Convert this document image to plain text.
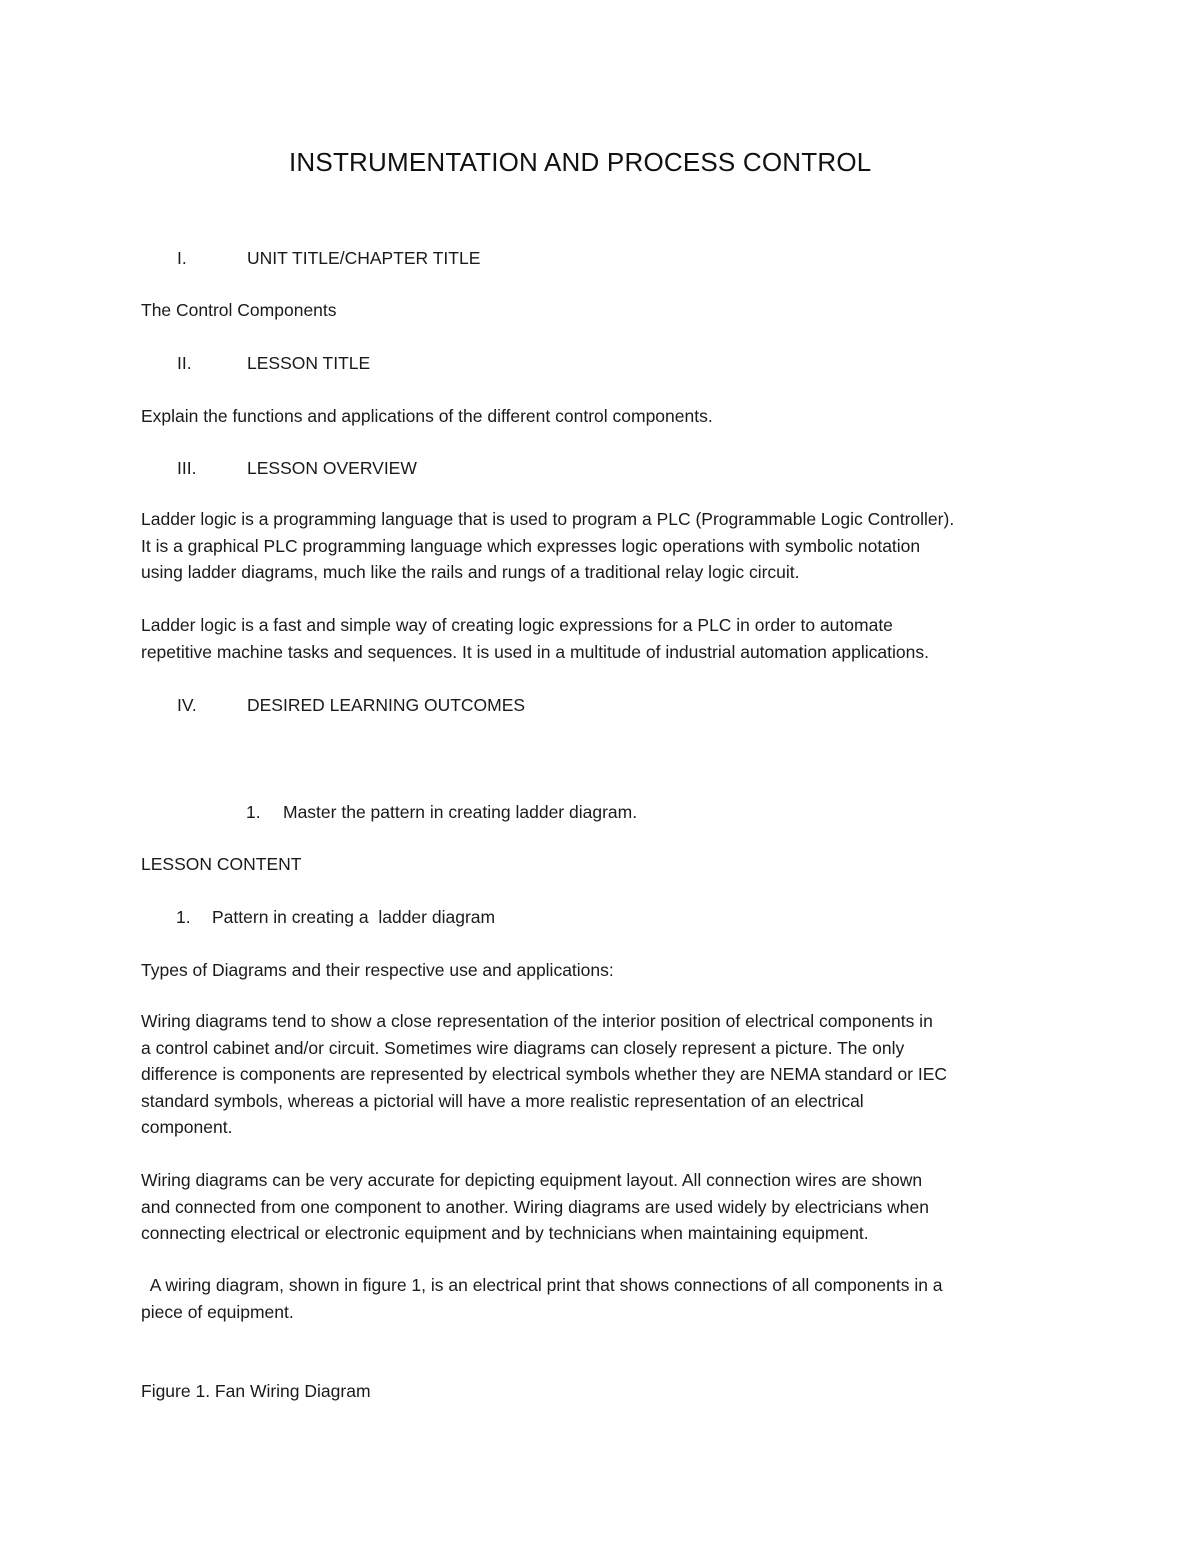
INSTRUMENTATION AND PROCESS CONTROL
I.	UNIT TITLE/CHAPTER TITLE
The Control Components
II.	LESSON TITLE
Explain the functions and applications of the different control components.
III.	LESSON OVERVIEW
Ladder logic is a programming language that is used to program a PLC (Programmable Logic Controller).
It is a graphical PLC programming language which expresses logic operations with symbolic notation
using ladder diagrams, much like the rails and rungs of a traditional relay logic circuit.
Ladder logic is a fast and simple way of creating logic expressions for a PLC in order to automate
repetitive machine tasks and sequences. It is used in a multitude of industrial automation applications.
IV.	DESIRED LEARNING OUTCOMES
1. Master the pattern in creating ladder diagram.
LESSON CONTENT
1. Pattern in creating a  ladder diagram
Types of Diagrams and their respective use and applications:
Wiring diagrams tend to show a close representation of the interior position of electrical components in
a control cabinet and/or circuit. Sometimes wire diagrams can closely represent a picture. The only
difference is components are represented by electrical symbols whether they are NEMA standard or IEC
standard symbols, whereas a pictorial will have a more realistic representation of an electrical
component.
Wiring diagrams can be very accurate for depicting equipment layout. All connection wires are shown
and connected from one component to another. Wiring diagrams are used widely by electricians when
connecting electrical or electronic equipment and by technicians when maintaining equipment.
A wiring diagram, shown in figure 1, is an electrical print that shows connections of all components in a
piece of equipment.
Figure 1. Fan Wiring Diagram
